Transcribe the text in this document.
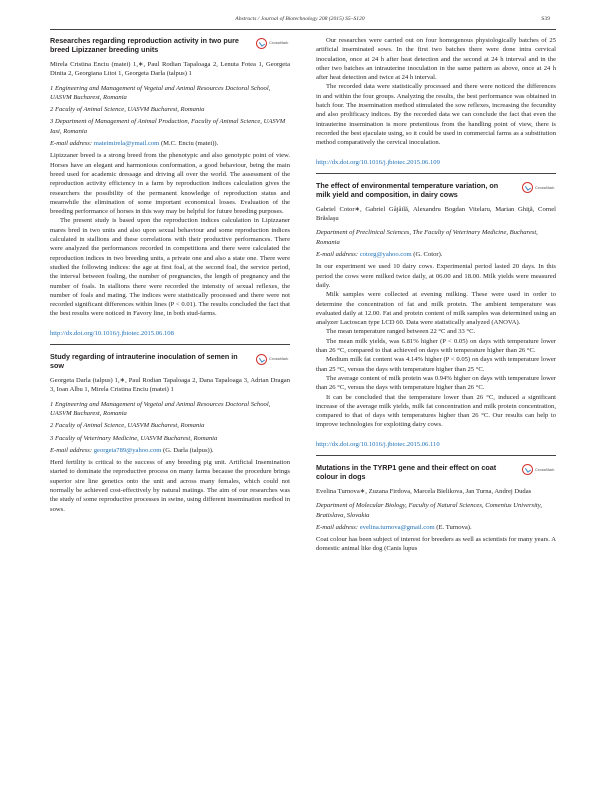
Abstracts / Journal of Biotechnology 208 (2015) S5–S120	S39
Researches regarding reproduction activity in two pure breed Lipizzaner breeding units
CrossMark

Mirela Cristina Enciu (matei) 1,∗, Paul Rodian Tapaloaga 2, Lenuta Fotea 1, Georgeta Dinita 2, Georgiana Litoi 1, Georgeta Darla (talpus) 1

1 Engineering and Management of Vegetal and Animal Resources Doctoral School, UASVM Bucharest, Romania
2 Faculty of Animal Science, UASVM Bucharest, Romania
3 Department of Management of Animal Production, Faculty of Animal Science, UASVM Iasi, Romania

E-mail address: mateimirela@ymail.com (M.C. Enciu (matei)).

Lipizzaner breed is a strong breed from the phenotypic and also genotypic point of view. Horses have an elegant and harmonious conformation, a good behaviour, being the main breed used for academic dressage and driving all over the world. The assessment of the reproduction activity efficiency in a farm by reproduction indices calculation gives the researchers the possibility of the permanent knowledge of reproduction status and meanwhile the elimination of some important economical losses. Evaluation of the breeding performance of horses in this way may be helpful for future breeding purposes.

The present study is based upon the reproduction indices calculation in Lipizzaner mares bred in two units and also upon sexual behaviour and some reproduction indices calculated in stallions and these correlations with their productive performances. There were analyzed the performances recorded in competitions and there were calculated the reproduction indices in two breeding units, a private one and also a state one. There were studied the following indices: the age at first foal, at the second foal, the service period, the interval between foaling, the number of pregnancies, the length of pregnancy and the number of foals. In stallions there were recorded the intensity of sexual reflexes, the number of foals and mating. The indices were statistically processed and there were not recorded significant differences within lines (P < 0.01). The results concluded the fact that the best results were noticed in Favory line, in both stud-farms.

http://dx.doi.org/10.1016/j.jbiotec.2015.06.108

Study regarding of intrauterine inoculation of semen in sow
CrossMark

Georgeta Darla (talpus) 1,∗, Paul Rodian Tapaloaga 2, Dana Tapaloaga 3, Adrian Dragan 3, Ioan Albu 1, Mirela Cristina Enciu (matei) 1

1 Engineering and Management of Vegetal and Animal Resources Doctoral School, UASVM Bucharest, Romania
2 Faculty of Animal Science, UASVM Bucharest, Romania
3 Faculty of Veterinary Medicine, UASVM Bucharest, Romania

E-mail address: georgeta789@yahoo.com (G. Darla (talpus)).

Herd fertility is critical to the success of any breeding pig unit. Artificial Insemination started to dominate the reproductive process on many farms because the procedure brings superior sire line genetics onto the unit and across many females, which could not normally be achieved cost-effectively by natural matings. The aim of our researches was the study of some reproductive processes in swine, using different insemination method in sows.

Our researches were carried out on four homogenous physiologically batches of 25 artificial inseminated sows. In the first two batches there were done intra cervical inoculation, once at 24 h after heat detection and the second at 24 h interval and in the other two batches an intrauterine inoculation in the same pattern as above, once at 24 h after heat detection and twice at 24 h interval.

The recorded data were statistically processed and there were noticed the differences in and within the four groups. Analyzing the results, the best performance was obtained in batch four. The insemination method stimulated the sow reflexes, increasing the fecundity and also prolificacy indices. By the recorded data we can conclude the fact that even the intrauterine insemination is more pretentious from the handling point of view, there is recorded the best ejaculate using, so it could be used in commercial farms as a substitution method comparatively the cervical inoculation.

http://dx.doi.org/10.1016/j.jbiotec.2015.06.109

The effect of environmental temperature variation, on milk yield and composition, in dairy cows
CrossMark

Gabriel Cotor∗, Gabriel Gâjâilă, Alexandru Bogdan Vitelaru, Marian Ghiţă, Cornel Brăslaşu

Department of Preclinical Sciences, The Faculty of Veterinary Medicine, Bucharest, Romania

E-mail address: cotorg@yahoo.com (G. Cotor).

In our experiment we used 10 dairy cows. Experimental period lasted 20 days. In this period the cows were milked twice daily, at 06.00 and 18.00. Milk yields were measured daily.

Milk samples were collected at evening milking. These were used in order to determine the concentration of fat and milk protein. The ambient temperature was evaluated daily at 12.00. Fat and protein content of milk samples was determined using an analyzer Lactoscan type LCD 60. Data were statistically analyzed (ANOVA).

The mean temperature ranged between 22 °C and 33 °C.

The mean milk yields, was 6.81% higher (P < 0.05) on days with temperature lower than 26 °C, compared to that achieved on days with temperature higher than 26 °C.

Medium milk fat content was 4.14% higher (P < 0.05) on days with temperature lower than 25 °C, versus the days with temperature higher than 25 °C.

The average content of milk protein was 0.94% higher on days with temperature lower than 26 °C, versus the days with temperature higher than 26 °C.

It can be concluded that the temperature lower than 26 °C, induced a significant increase of the average milk yields, milk fat concentration and milk protein concentration, compared to that of days with temperatures higher than 26 °C. Our results can help to improve technologies for exploiting dairy cows.

http://dx.doi.org/10.1016/j.jbiotec.2015.06.110

Mutations in the TYRP1 gene and their effect on coat colour in dogs
CrossMark

Evelina Turnova∗, Zuzana Firdova, Marcela Bielikova, Jan Turna, Andrej Dudas

Department of Molecular Biology, Faculty of Natural Sciences, Comenius University, Bratislava, Slovakia

E-mail address: evelina.turnova@gmail.com (E. Turnova).

Coat colour has been subject of interest for breeders as well as scientists for many years. A domestic animal like dog (Canis lupus
